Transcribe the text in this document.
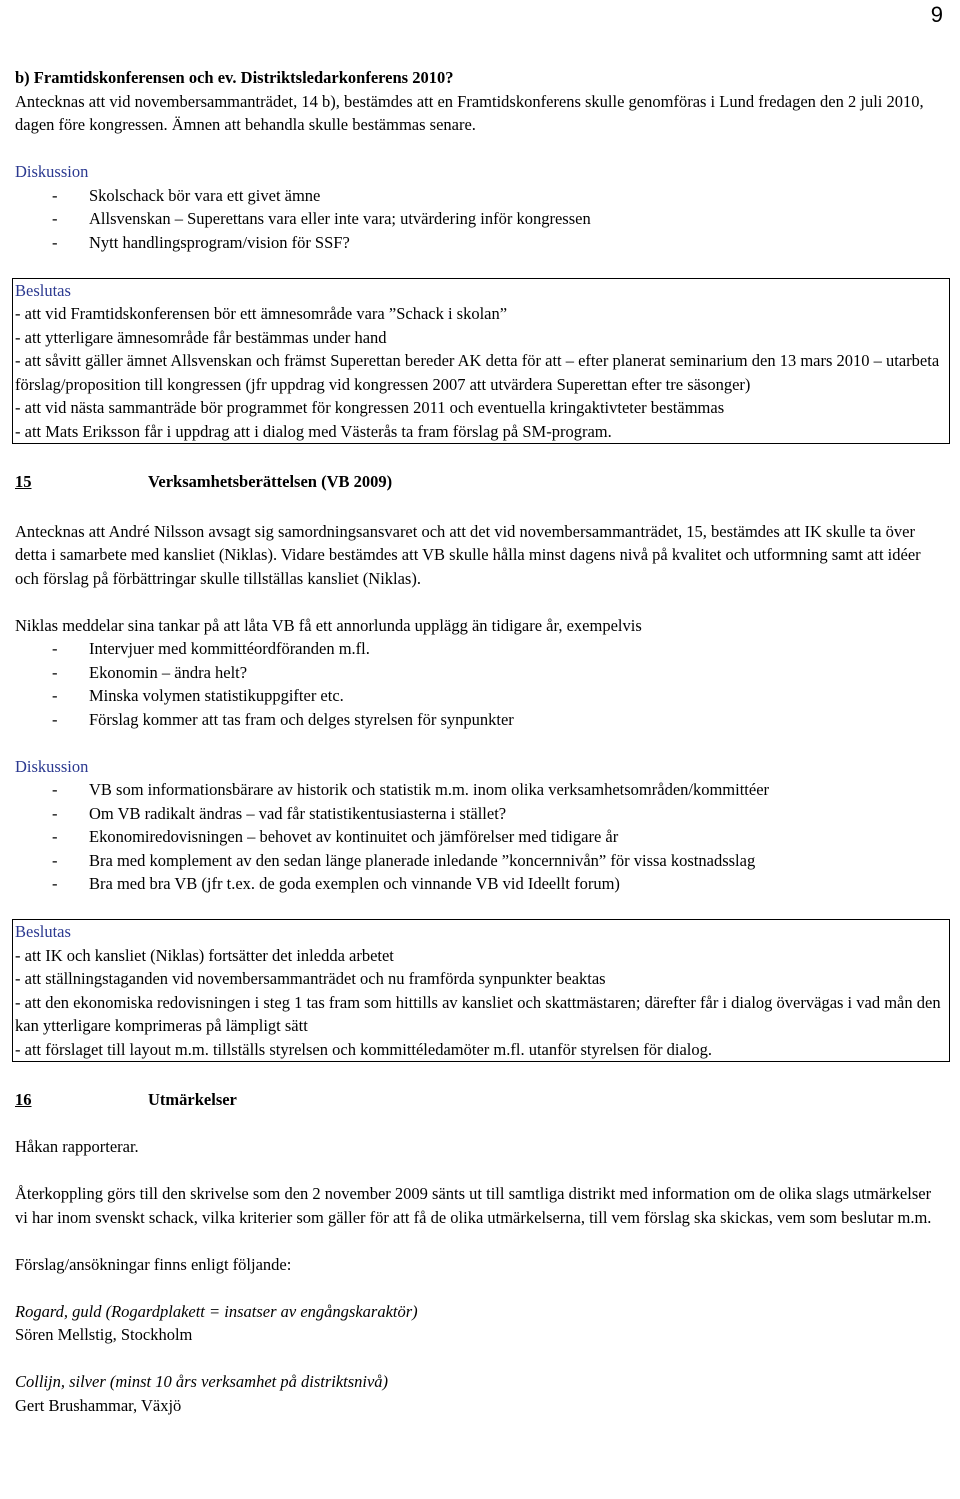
9

b) Framtidskonferensen och ev. Distriktsledarkonferens 2010?

Antecknas att vid novembersammanträdet, 14 b), bestämdes att en Framtidskonferens skulle genomföras i Lund fredagen den 2 juli 2010, dagen före kongressen. Ämnen att behandla skulle bestämmas senare.

Diskussion

- Skolschack bör vara ett givet ämne
- Allsvenskan – Superettans vara eller inte vara; utvärdering inför kongressen
- Nytt handlingsprogram/vision för SSF?

Beslutas

- att vid Framtidskonferensen bör ett ämnesområde vara ”Schack i skolan”

- att ytterligare ämnesområde får bestämmas under hand

- att såvitt gäller ämnet Allsvenskan och främst Superettan bereder AK detta för att – efter planerat seminarium den 13 mars 2010 – utarbeta förslag/proposition till kongressen (jfr uppdrag vid kongressen 2007 att utvärdera Superettan efter tre säsonger)

- att vid nästa sammanträde bör programmet för kongressen 2011 och eventuella kringaktivteter bestämmas

- att Mats Eriksson får i uppdrag att i dialog med Västerås ta fram förslag på SM-program.

15	Verksamhetsberättelsen (VB 2009)

Antecknas att André Nilsson avsagt sig samordningsansvaret och att det vid novembersammanträdet, 15, bestämdes att IK skulle ta över detta i samarbete med kansliet (Niklas). Vidare bestämdes att VB skulle hålla minst dagens nivå på kvalitet och utformning samt att idéer och förslag på förbättringar skulle tillställas kansliet (Niklas).

Niklas meddelar sina tankar på att låta VB få ett annorlunda upplägg än tidigare år, exempelvis

- Intervjuer med kommittéordföranden m.fl.
- Ekonomin – ändra helt?
- Minska volymen statistikuppgifter etc.
- Förslag kommer att tas fram och delges styrelsen för synpunkter

Diskussion

- VB som informationsbärare av historik och statistik m.m. inom olika verksamhetsområden/kommittéer
- Om VB radikalt ändras – vad får statistikentusiasterna i stället?
- Ekonomiredovisningen – behovet av kontinuitet och jämförelser med tidigare år
- Bra med komplement av den sedan länge planerade inledande ”koncernnivån” för vissa kostnadsslag
- Bra med bra VB (jfr t.ex. de goda exemplen och vinnande VB vid Ideellt forum)

Beslutas

- att IK och kansliet (Niklas) fortsätter det inledda arbetet

- att ställningstaganden vid novembersammanträdet och nu framförda synpunkter beaktas

- att den ekonomiska redovisningen i steg 1 tas fram som hittills av kansliet och skattmästaren; därefter får i dialog övervägas i vad mån den kan ytterligare komprimeras på lämpligt sätt

- att förslaget till layout m.m. tillställs styrelsen och kommittéledamöter m.fl. utanför styrelsen för dialog.

16	Utmärkelser

Håkan rapporterar.

Återkoppling görs till den skrivelse som den 2 november 2009 sänts ut till samtliga distrikt med information om de olika slags utmärkelser vi har inom svenskt schack, vilka kriterier som gäller för att få de olika utmärkelserna, till vem förslag ska skickas, vem som beslutar m.m.

Förslag/ansökningar finns enligt följande:

Rogard, guld (Rogardplakett = insatser av engångskaraktör)

Sören Mellstig, Stockholm

Collijn, silver (minst 10 års verksamhet på distriktsnivå)

Gert Brushammar, Växjö
